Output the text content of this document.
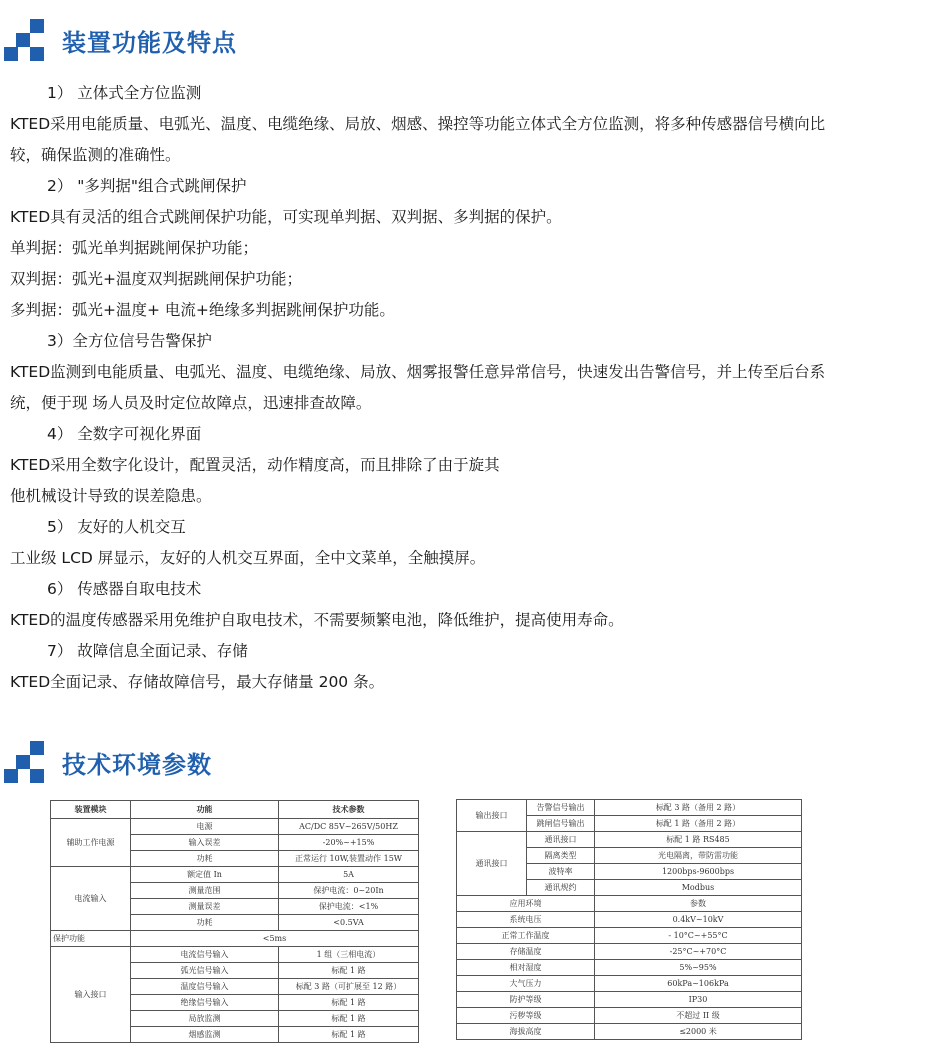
装置功能及特点
1） 立体式全方位监测
KTED采用电能质量、电弧光、温度、电缆绝缘、局放、烟感、操控等功能立体式全方位监测，将多种传感器信号横向比
较，确保监测的准确性。
2） "多判据"组合式跳闸保护
KTED具有灵活的组合式跳闸保护功能，可实现单判据、双判据、多判据的保护。
单判据：弧光单判据跳闸保护功能；
双判据：弧光+温度双判据跳闸保护功能；
多判据：弧光+温度+ 电流+绝缘多判据跳闸保护功能。
3）全方位信号告警保护
KTED监测到电能质量、电弧光、温度、电缆绝缘、局放、烟雾报警任意异常信号，快速发出告警信号，并上传至后台系
统，便于现 场人员及时定位故障点，迅速排查故障。
4） 全数字可视化界面
KTED采用全数字化设计，配置灵活，动作精度高，而且排除了由于旋其
他机械设计导致的误差隐患。
5） 友好的人机交互
工业级 LCD 屏显示，友好的人机交互界面，全中文菜单，全触摸屏。
6） 传感器自取电技术
KTED的温度传感器采用免维护自取电技术，不需要频繁电池，降低维护，提高使用寿命。
7） 故障信息全面记录、存储
KTED全面记录、存储故障信号，最大存储量 200 条。
技术环境参数
装置模块	功能	技术参数
辅助工作电源	电源	AC/DC 85V~265V/50HZ
	输入误差	-20%~+15%
	功耗	正常运行 10W,装置动作 15W
电流输入	额定值 In	5A
	测量范围	保护电流：0~20In
	测量误差	保护电流：<1%
	功耗	<0.5VA
保护功能	<5ms	
输入接口	电流信号输入	1 组（三相电流）
	弧光信号输入	标配 1 路
	温度信号输入	标配 3 路（可扩展至 12 路）
	绝缘信号输入	标配 1 路
	局放监测	标配 1 路
	烟感监测	标配 1 路
输出接口	告警信号输出	标配 3 路（备用 2 路）
	跳闸信号输出	标配 1 路（备用 2 路）
通讯接口	通讯接口	标配 1 路 RS485
	隔离类型	光电隔离，带防雷功能
	波特率	1200bps-9600bps
	通讯规约	Modbus
应用环境		参数
系统电压		0.4kV~10kV
正常工作温度		- 10°C~+55°C
存储温度		-25°C~+70°C
相对湿度		5%~95%
大气压力		60kPa~106kPa
防护等级		IP30
污秽等级		不超过 II 级
海拔高度		≤2000 米
